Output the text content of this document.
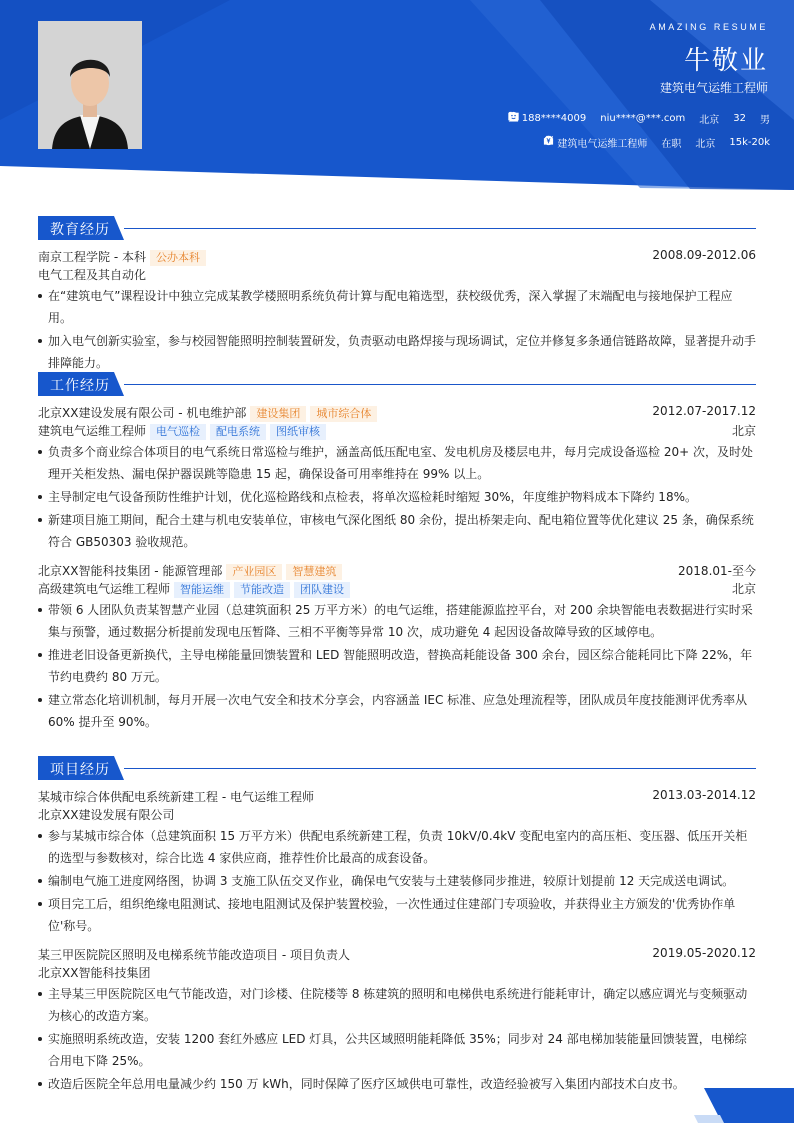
AMAZING RESUME
牛敬业
建筑电气运维工程师
188****4009 niu****@***.com 北京 32 男
建筑电气运维工程师 在职 北京 15k-20k
教育经历
南京工程学院 - 本科 公办本科	2008.09-2012.06
电气工程及其自动化
在“建筑电气”课程设计中独立完成某教学楼照明系统负荷计算与配电箱选型，获校级优秀，深入掌握了末端配电与接地保护工程应用。
加入电气创新实验室，参与校园智能照明控制装置研发，负责驱动电路焊接与现场调试，定位并修复多条通信链路故障，显著提升动手排障能力。
工作经历
北京XX建设发展有限公司 - 机电维护部 建设集团 城市综合体	2012.07-2017.12
建筑电气运维工程师 电气巡检 配电系统 图纸审核	北京
负责多个商业综合体项目的电气系统日常巡检与维护，涵盖高低压配电室、发电机房及楼层电井，每月完成设备巡检 20+ 次，及时处理开关柜发热、漏电保护器误跳等隐患 15 起，确保设备可用率维持在 99% 以上。
主导制定电气设备预防性维护计划，优化巡检路线和点检表，将单次巡检耗时缩短 30%，年度维护物料成本下降约 18%。
新建项目施工期间，配合土建与机电安装单位，审核电气深化图纸 80 余份，提出桥架走向、配电箱位置等优化建议 25 条，确保系统符合 GB50303 验收规范。
北京XX智能科技集团 - 能源管理部 产业园区 智慧建筑	2018.01-至今
高级建筑电气运维工程师 智能运维 节能改造 团队建设	北京
带领 6 人团队负责某智慧产业园（总建筑面积 25 万平方米）的电气运维，搭建能源监控平台，对 200 余块智能电表数据进行实时采集与预警，通过数据分析提前发现电压暂降、三相不平衡等异常 10 次，成功避免 4 起因设备故障导致的区域停电。
推进老旧设备更新换代，主导电梯能量回馈装置和 LED 智能照明改造，替换高耗能设备 300 余台，园区综合能耗同比下降 22%，年节约电费约 80 万元。
建立常态化培训机制，每月开展一次电气安全和技术分享会，内容涵盖 IEC 标准、应急处理流程等，团队成员年度技能测评优秀率从 60% 提升至 90%。
项目经历
某城市综合体供配电系统新建工程 - 电气运维工程师	2013.03-2014.12
北京XX建设发展有限公司
参与某城市综合体（总建筑面积 15 万平方米）供配电系统新建工程，负责 10kV/0.4kV 变配电室内的高压柜、变压器、低压开关柜的选型与参数核对，综合比选 4 家供应商，推荐性价比最高的成套设备。
编制电气施工进度网络图，协调 3 支施工队伍交叉作业，确保电气安装与土建装修同步推进，较原计划提前 12 天完成送电调试。
项目完工后，组织绝缘电阻测试、接地电阻测试及保护装置校验，一次性通过住建部门专项验收，并获得业主方颁发的'优秀协作单位'称号。
某三甲医院院区照明及电梯系统节能改造项目 - 项目负责人	2019.05-2020.12
北京XX智能科技集团
主导某三甲医院院区电气节能改造，对门诊楼、住院楼等 8 栋建筑的照明和电梯供电系统进行能耗审计，确定以感应调光与变频驱动为核心的改造方案。
实施照明系统改造，安装 1200 套红外感应 LED 灯具，公共区域照明能耗降低 35%；同步对 24 部电梯加装能量回馈装置，电梯综合用电下降 25%。
改造后医院全年总用电量减少约 150 万 kWh，同时保障了医疗区域供电可靠性，改造经验被写入集团内部技术白皮书。
